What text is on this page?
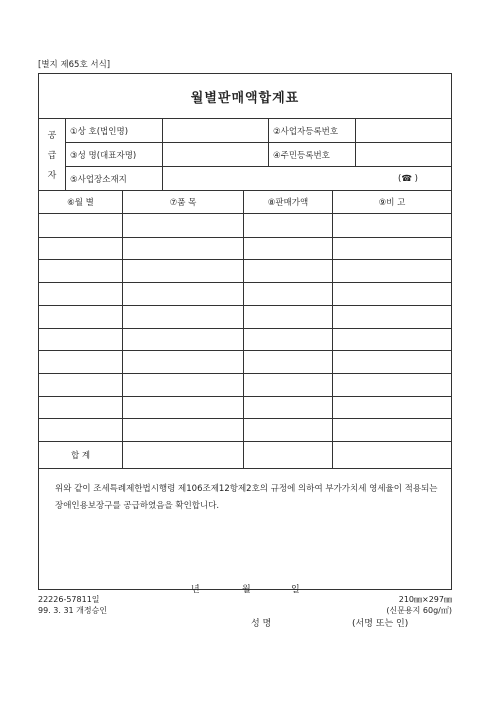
[별지 제65호 서식]
월별판매액합계표
공
급
자
①상 호(법인명)	②사업자등록번호
③성 명(대표자명)	④주민등록번호
⑤사업장소재지	(☎ )
⑥월 별	⑦품 목	⑧판매가액	⑨비 고
합 계
위와 같이 조세특례제한법시행령 제106조제12항제2호의 규정에 의하여 부가가치세 영세율이 적용되는 장애인용보장구를 공급하였음을 확인합니다.
년	월	일
성 명	(서명 또는 인)
22226-57811일
99. 3. 31 개정승인
210㎜×297㎜
(신문용지 60g/㎡)
